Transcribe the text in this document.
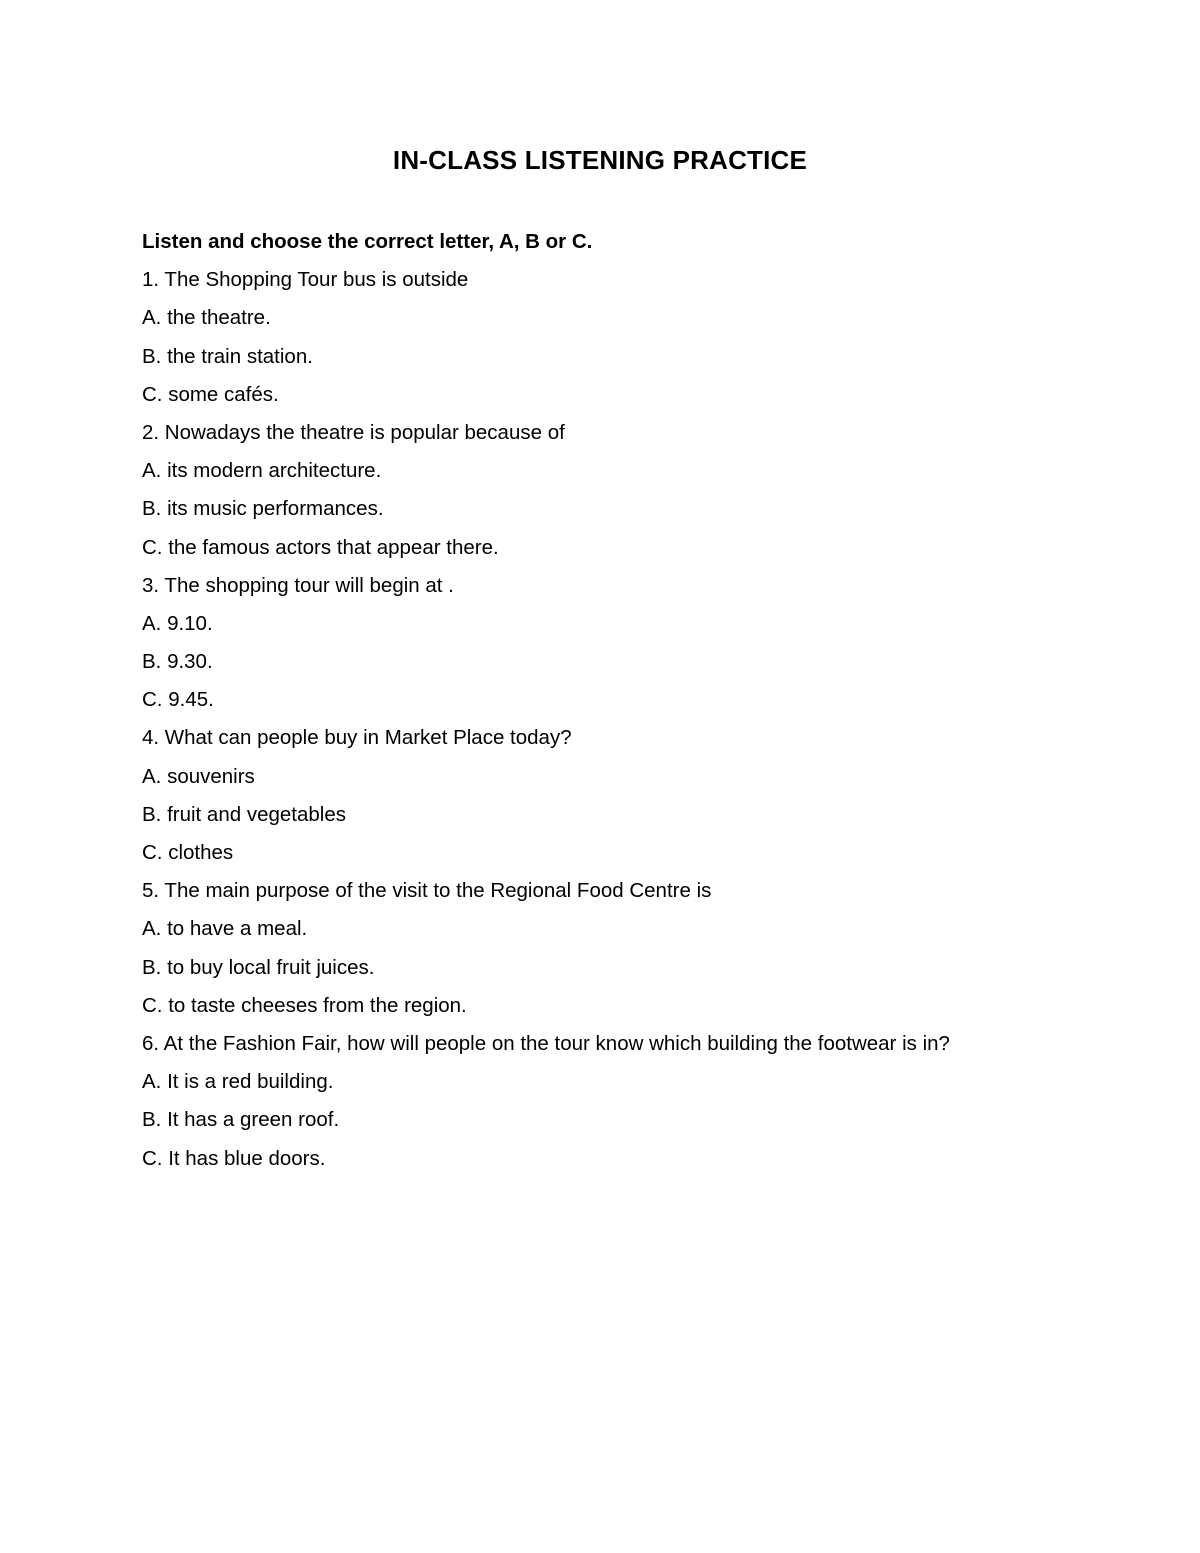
IN-CLASS LISTENING PRACTICE
Listen and choose the correct letter, A, B or C.
1. The Shopping Tour bus is outside
A. the theatre.
B. the train station.
C. some cafés.
2. Nowadays the theatre is popular because of
A. its modern architecture.
B. its music performances.
C. the famous actors that appear there.
3. The shopping tour will begin at .
A. 9.10.
B. 9.30.
C. 9.45.
4. What can people buy in Market Place today?
A. souvenirs
B. fruit and vegetables
C. clothes
5. The main purpose of the visit to the Regional Food Centre is
A. to have a meal.
B. to buy local fruit juices.
C. to taste cheeses from the region.
6. At the Fashion Fair, how will people on the tour know which building the footwear is in?
A. It is a red building.
B. It has a green roof.
C. It has blue doors.
